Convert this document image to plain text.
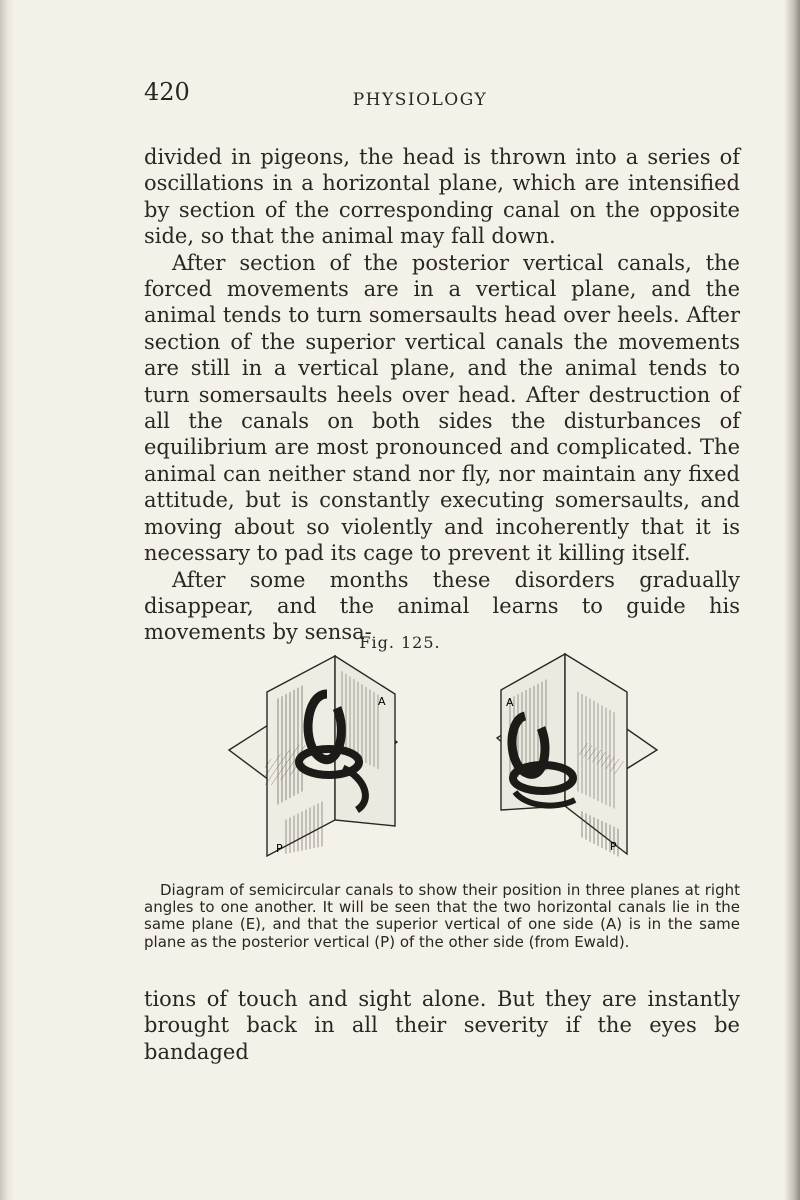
420	PHYSIOLOGY

divided in pigeons, the head is thrown into a series of oscillations in a horizontal plane, which are intensified by section of the corresponding canal on the opposite side, so that the animal may fall down.

After section of the posterior vertical canals, the forced movements are in a vertical plane, and the animal tends to turn somersaults head over heels. After section of the superior vertical canals the movements are still in a vertical plane, and the animal tends to turn somersaults heels over head. After destruction of all the canals on both sides the disturbances of equilibrium are most pronounced and complicated. The animal can neither stand nor fly, nor maintain any fixed attitude, but is constantly executing somersaults, and moving about so violently and incoherently that it is necessary to pad its cage to prevent it killing itself.

After some months these disorders gradually disappear, and the animal learns to guide his movements by sensa-

Fig. 125.
A
P
A
P

Diagram of semicircular canals to show their position in three planes at right angles to one another. It will be seen that the two horizontal canals lie in the same plane (E), and that the superior vertical of one side (A) is in the same plane as the posterior vertical (P) of the other side (from Ewald).

tions of touch and sight alone. But they are instantly brought back in all their severity if the eyes be bandaged
